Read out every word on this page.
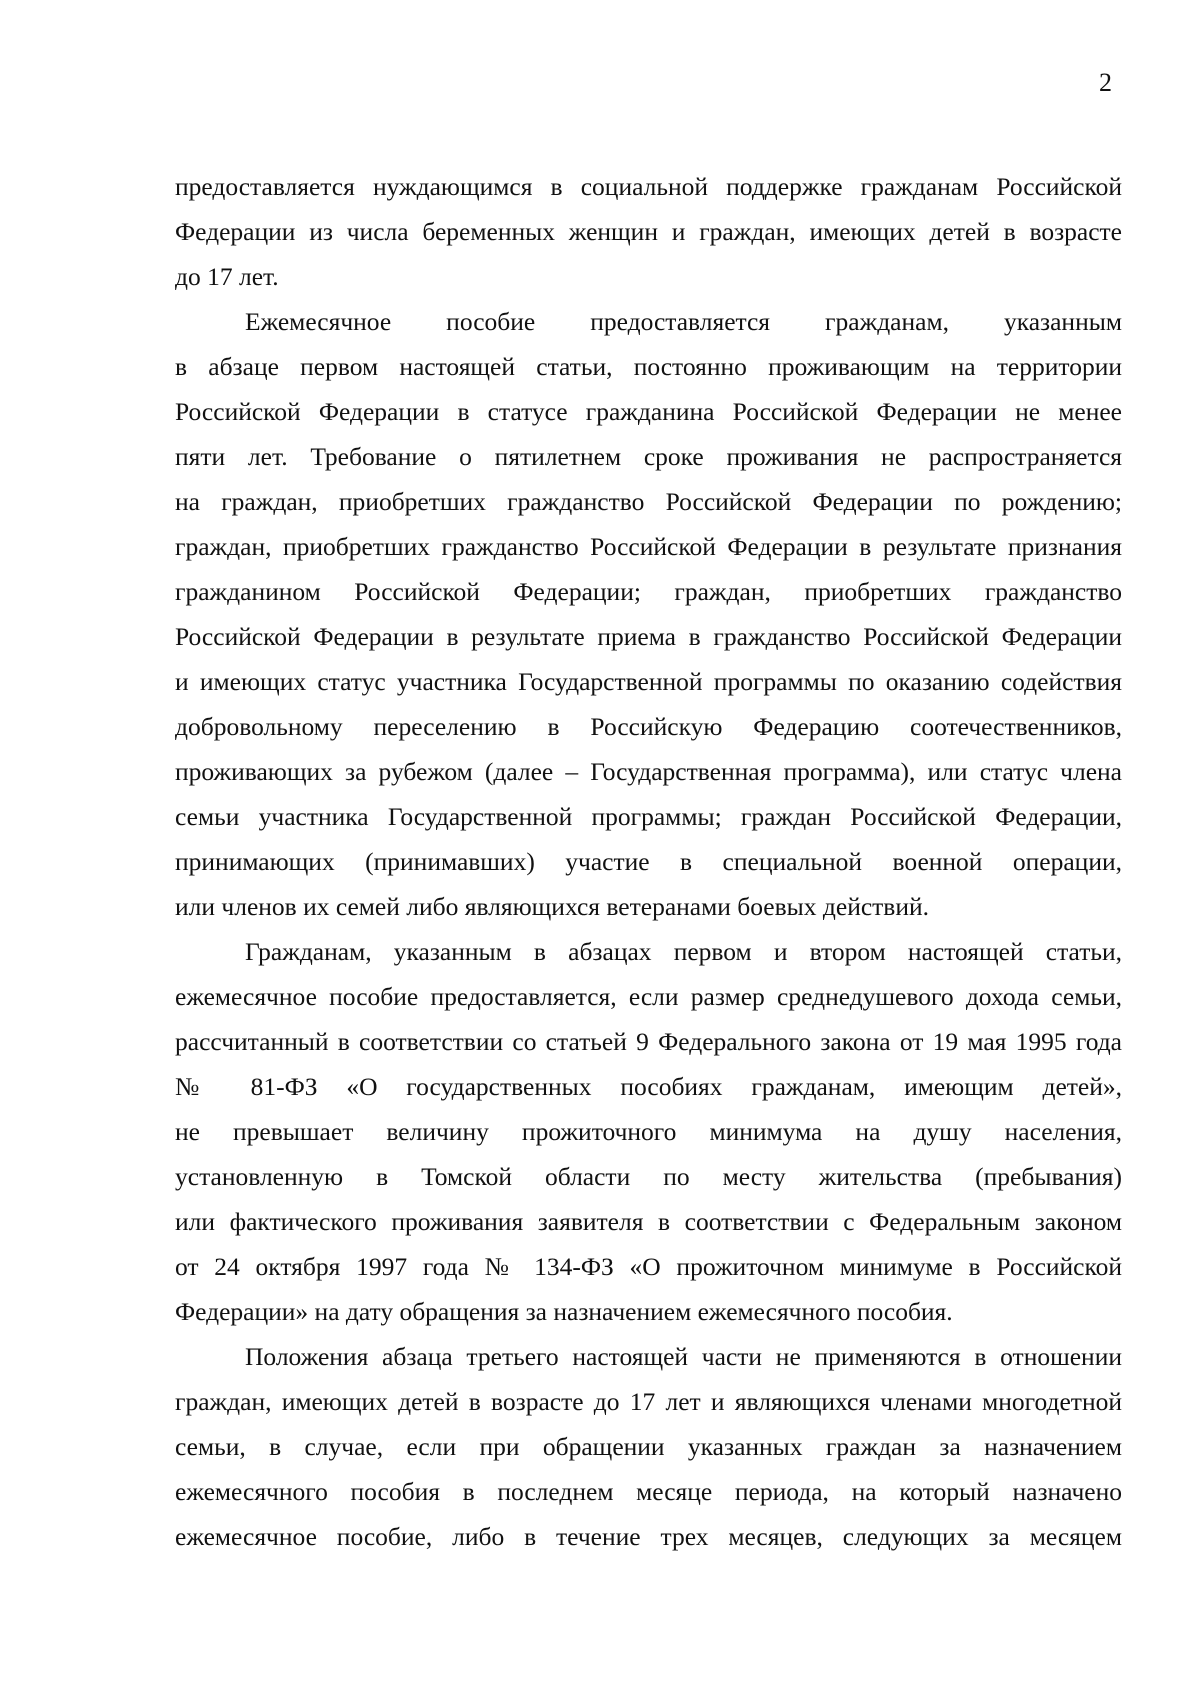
2

предоставляется нуждающимся в социальной поддержке гражданам Российской
Федерации из числа беременных женщин и граждан, имеющих детей в возрасте
до 17 лет.

Ежемесячное пособие предоставляется гражданам, указанным
в абзаце первом настоящей статьи, постоянно проживающим на территории
Российской Федерации в статусе гражданина Российской Федерации не менее
пяти лет. Требование о пятилетнем сроке проживания не распространяется
на граждан, приобретших гражданство Российской Федерации по рождению;
граждан, приобретших гражданство Российской Федерации в результате признания
гражданином Российской Федерации; граждан, приобретших гражданство
Российской Федерации в результате приема в гражданство Российской Федерации
и имеющих статус участника Государственной программы по оказанию содействия
добровольному переселению в Российскую Федерацию соотечественников,
проживающих за рубежом (далее – Государственная программа), или статус члена
семьи участника Государственной программы; граждан Российской Федерации,
принимающих (принимавших) участие в специальной военной операции,
или членов их семей либо являющихся ветеранами боевых действий.

Гражданам, указанным в абзацах первом и втором настоящей статьи,
ежемесячное пособие предоставляется, если размер среднедушевого дохода семьи,
рассчитанный в соответствии со статьей 9 Федерального закона от 19 мая 1995 года
№ 81-ФЗ «О государственных пособиях гражданам, имеющим детей»,
не превышает величину прожиточного минимума на душу населения,
установленную в Томской области по месту жительства (пребывания)
или фактического проживания заявителя в соответствии с Федеральным законом
от 24 октября 1997 года № 134-ФЗ «О прожиточном минимуме в Российской
Федерации» на дату обращения за назначением ежемесячного пособия.

Положения абзаца третьего настоящей части не применяются в отношении
граждан, имеющих детей в возрасте до 17 лет и являющихся членами многодетной
семьи, в случае, если при обращении указанных граждан за назначением
ежемесячного пособия в последнем месяце периода, на который назначено
ежемесячное пособие, либо в течение трех месяцев, следующих за месяцем
